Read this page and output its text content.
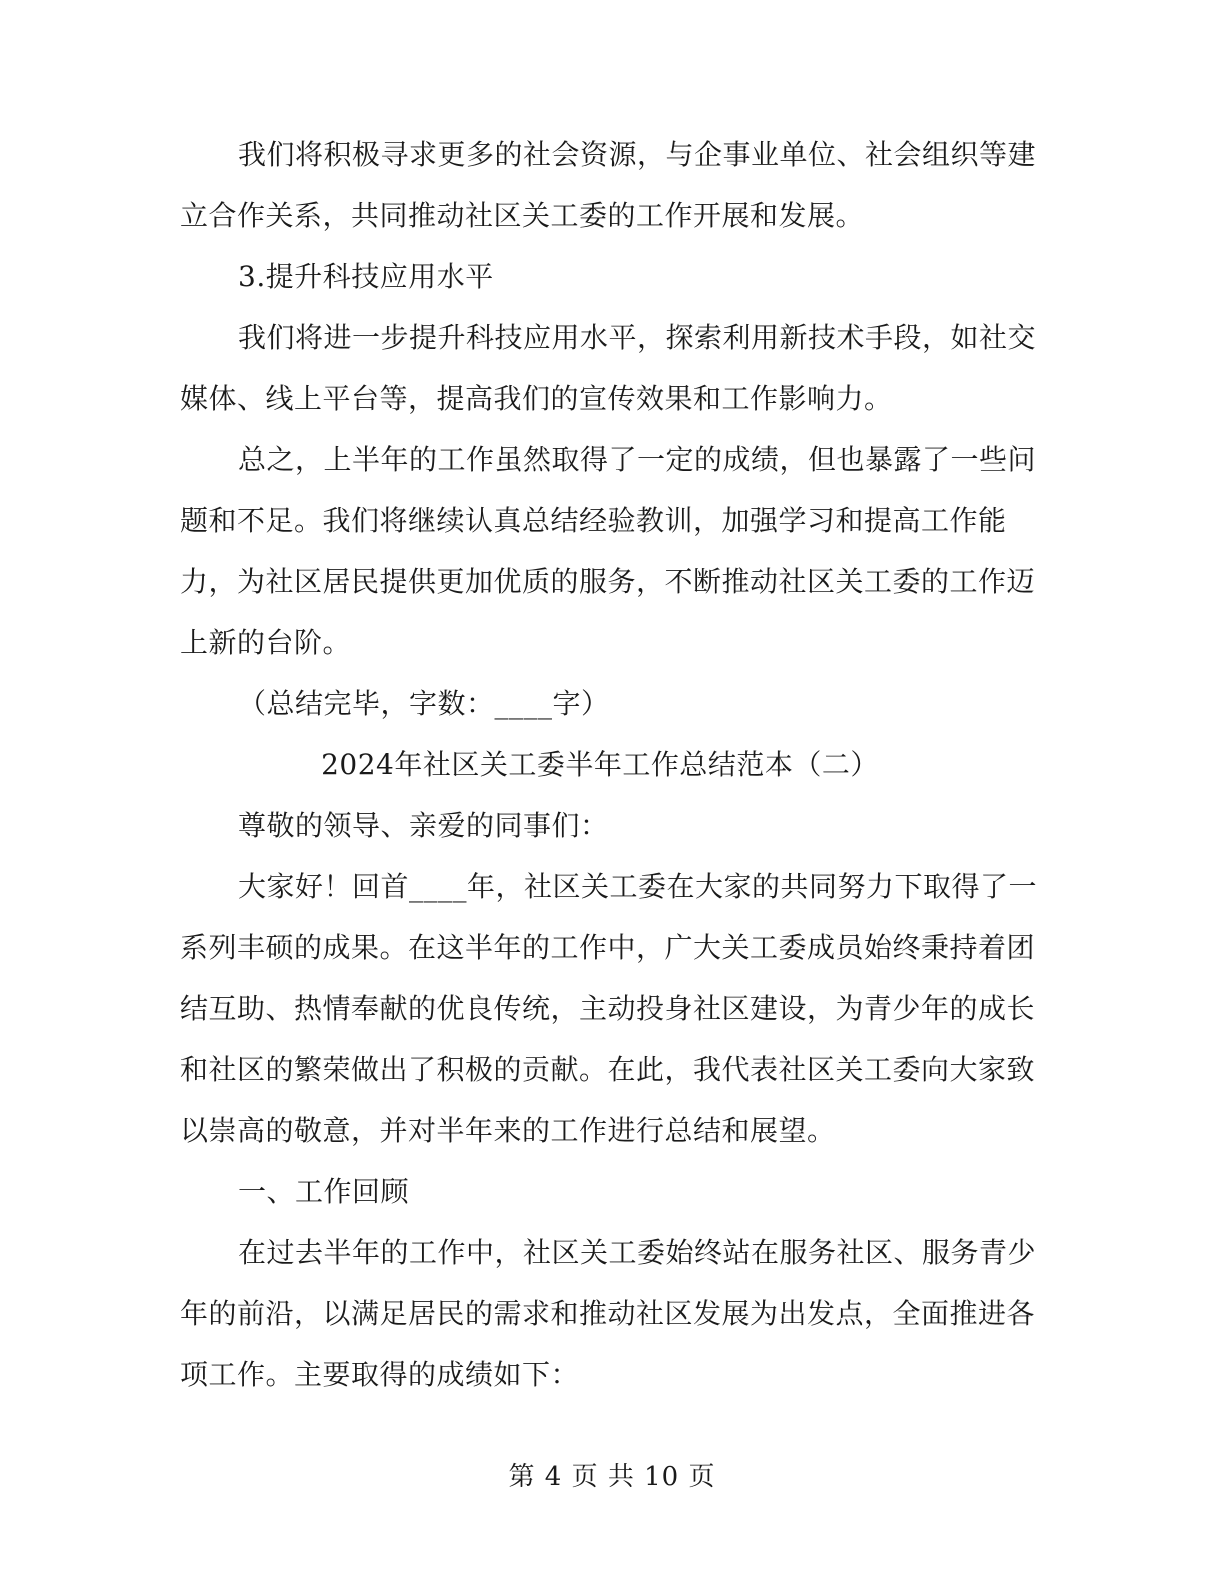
我们将积极寻求更多的社会资源，与企事业单位、社会组织等建
立合作关系，共同推动社区关工委的工作开展和发展。
3.提升科技应用水平
我们将进一步提升科技应用水平，探索利用新技术手段，如社交
媒体、线上平台等，提高我们的宣传效果和工作影响力。
总之，上半年的工作虽然取得了一定的成绩，但也暴露了一些问
题和不足。我们将继续认真总结经验教训，加强学习和提高工作能
力，为社区居民提供更加优质的服务，不断推动社区关工委的工作迈
上新的台阶。
（总结完毕，字数：____字）
2024年社区关工委半年工作总结范本（二）
尊敬的领导、亲爱的同事们：
大家好！回首____年，社区关工委在大家的共同努力下取得了一
系列丰硕的成果。在这半年的工作中，广大关工委成员始终秉持着团
结互助、热情奉献的优良传统，主动投身社区建设，为青少年的成长
和社区的繁荣做出了积极的贡献。在此，我代表社区关工委向大家致
以崇高的敬意，并对半年来的工作进行总结和展望。
一、工作回顾
在过去半年的工作中，社区关工委始终站在服务社区、服务青少
年的前沿，以满足居民的需求和推动社区发展为出发点，全面推进各
项工作。主要取得的成绩如下：
第 4 页 共 10 页
